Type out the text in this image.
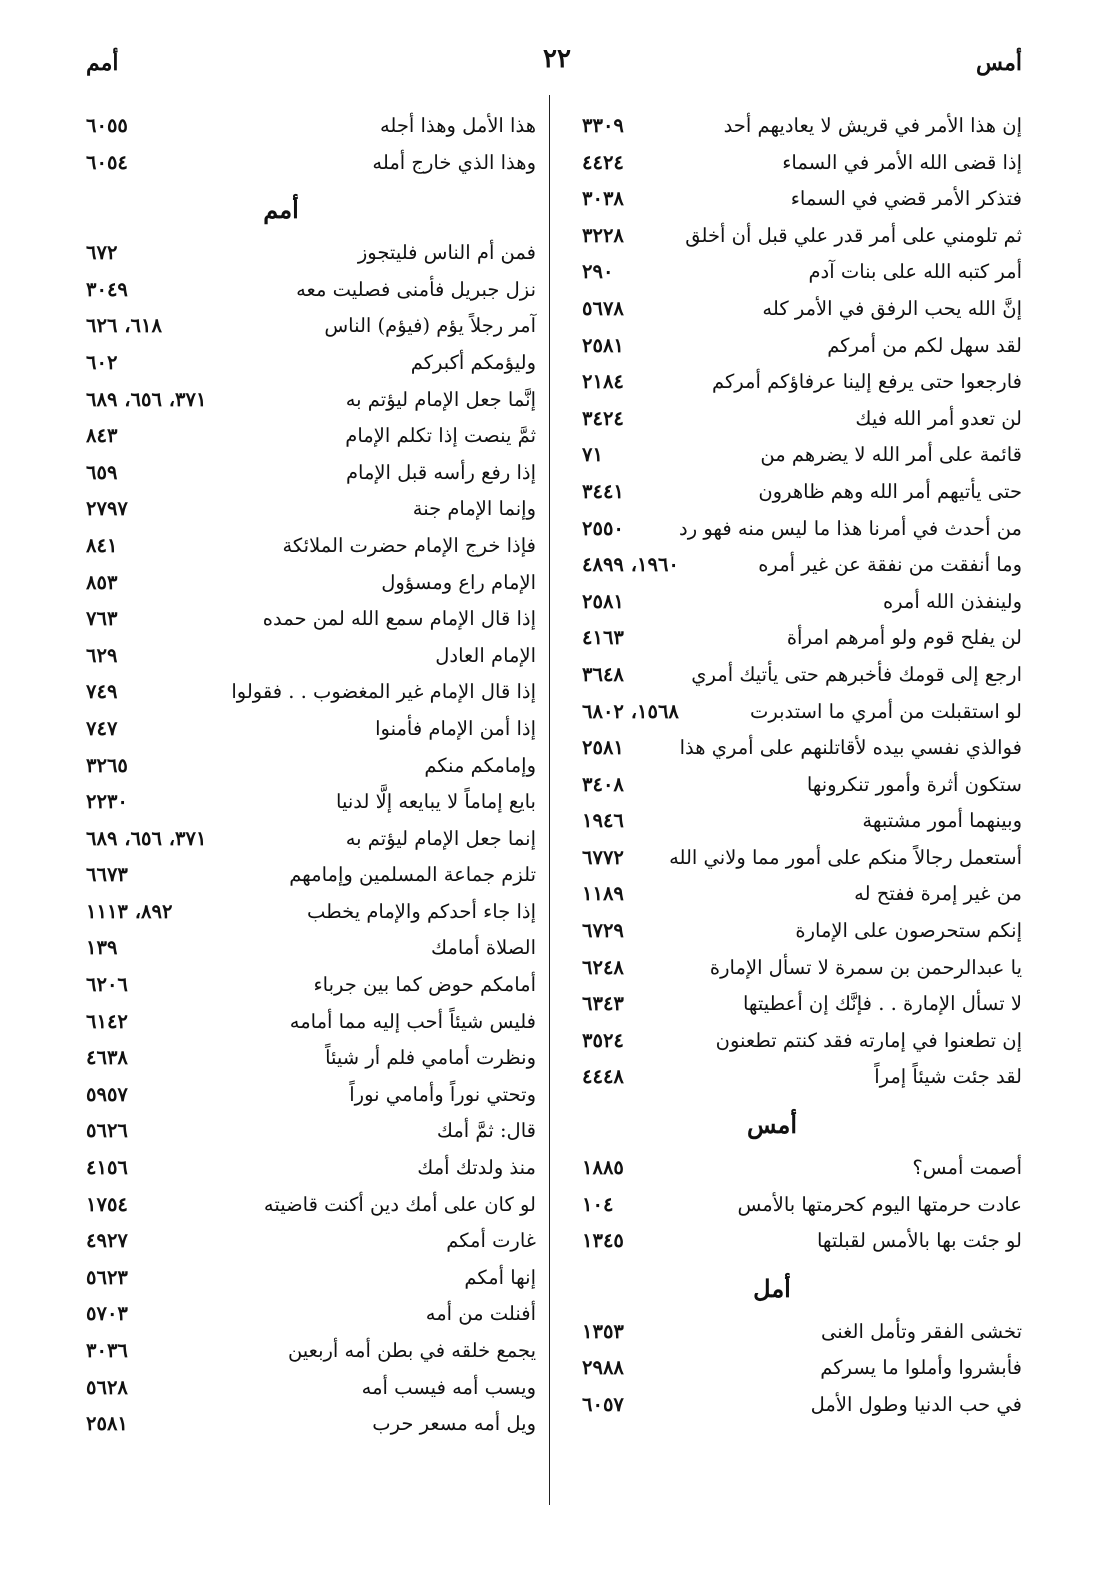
أمس
٢٢
أمم
إن هذا الأمر في قريش لا يعاديهم أحد
٣٣٠٩
إذا قضى الله الأمر في السماء
٤٤٢٤
فتذكر الأمر قضي في السماء
٣٠٣٨
ثم تلومني على أمر قدر علي قبل أن أخلق
٣٢٢٨
أمر كتبه الله على بنات آدم
٢٩٠
إنَّ الله يحب الرفق في الأمر كله
٥٦٧٨
لقد سهل لكم من أمركم
٢٥٨١
فارجعوا حتى يرفع إلينا عرفاؤكم أمركم
٢١٨٤
لن تعدو أمر الله فيك
٣٤٢٤
قائمة على أمر الله لا يضرهم من
٧١
حتى يأتيهم أمر الله وهم ظاهرون
٣٤٤١
من أحدث في أمرنا هذا ما ليس منه فهو رد
٢٥٥٠
وما أنفقت من نفقة عن غير أمره
١٩٦٠، ٤٨٩٩
ولينفذن الله أمره
٢٥٨١
لن يفلح قوم ولو أمرهم امرأة
٤١٦٣
ارجع إلى قومك فأخبرهم حتى يأتيك أمري
٣٦٤٨
لو استقبلت من أمري ما استدبرت
١٥٦٨، ٦٨٠٢
فوالذي نفسي بيده لأقاتلنهم على أمري هذا
٢٥٨١
ستكون أثرة وأمور تنكرونها
٣٤٠٨
وبينهما أمور مشتبهة
١٩٤٦
أستعمل رجالاً منكم على أمور مما ولاني الله
٦٧٧٢
من غير إمرة ففتح له
١١٨٩
إنكم ستحرصون على الإمارة
٦٧٢٩
يا عبدالرحمن بن سمرة لا تسأل الإمارة
٦٢٤٨
لا تسأل الإمارة . . فإنَّك إن أعطيتها
٦٣٤٣
إن تطعنوا في إمارته فقد كنتم تطعنون
٣٥٢٤
لقد جئت شيئاً إمراً
٤٤٤٨
أمس
أصمت أمس؟
١٨٨٥
عادت حرمتها اليوم كحرمتها بالأمس
١٠٤
لو جئت بها بالأمس لقبلتها
١٣٤٥
أمل
تخشى الفقر وتأمل الغنى
١٣٥٣
فأبشروا وأملوا ما يسركم
٢٩٨٨
في حب الدنيا وطول الأمل
٦٠٥٧
هذا الأمل وهذا أجله
٦٠٥٥
وهذا الذي خارج أمله
٦٠٥٤
أمم
فمن أم الناس فليتجوز
٦٧٢
نزل جبريل فأمنى فصليت معه
٣٠٤٩
آمر رجلاً يؤم (فيؤم) الناس
٦١٨، ٦٢٦
وليؤمكم أكبركم
٦٠٢
إنَّما جعل الإمام ليؤتم به
٣٧١، ٦٥٦، ٦٨٩
ثمَّ ينصت إذا تكلم الإمام
٨٤٣
إذا رفع رأسه قبل الإمام
٦٥٩
وإنما الإمام جنة
٢٧٩٧
فإذا خرج الإمام حضرت الملائكة
٨٤١
الإمام راع ومسؤول
٨٥٣
إذا قال الإمام سمع الله لمن حمده
٧٦٣
الإمام العادل
٦٢٩
إذا قال الإمام غير المغضوب . . فقولوا
٧٤٩
إذا أمن الإمام فأمنوا
٧٤٧
وإمامكم منكم
٣٢٦٥
بايع إماماً لا يبايعه إلَّا لدنيا
٢٢٣٠
إنما جعل الإمام ليؤتم به
٣٧١، ٦٥٦، ٦٨٩
تلزم جماعة المسلمين وإمامهم
٦٦٧٣
إذا جاء أحدكم والإمام يخطب
٨٩٢، ١١١٣
الصلاة أمامك
١٣٩
أمامكم حوض كما بين جرباء
٦٢٠٦
فليس شيئاً أحب إليه مما أمامه
٦١٤٢
ونظرت أمامي فلم أر شيئاً
٤٦٣٨
وتحتي نوراً وأمامي نوراً
٥٩٥٧
قال: ثمَّ أمك
٥٦٢٦
منذ ولدتك أمك
٤١٥٦
لو كان على أمك دين أكنت قاضيته
١٧٥٤
غارت أمكم
٤٩٢٧
إنها أمكم
٥٦٢٣
أفنلت من أمه
٥٧٠٣
يجمع خلقه في بطن أمه أربعين
٣٠٣٦
ويسب أمه فيسب أمه
٥٦٢٨
ويل أمه مسعر حرب
٢٥٨١
